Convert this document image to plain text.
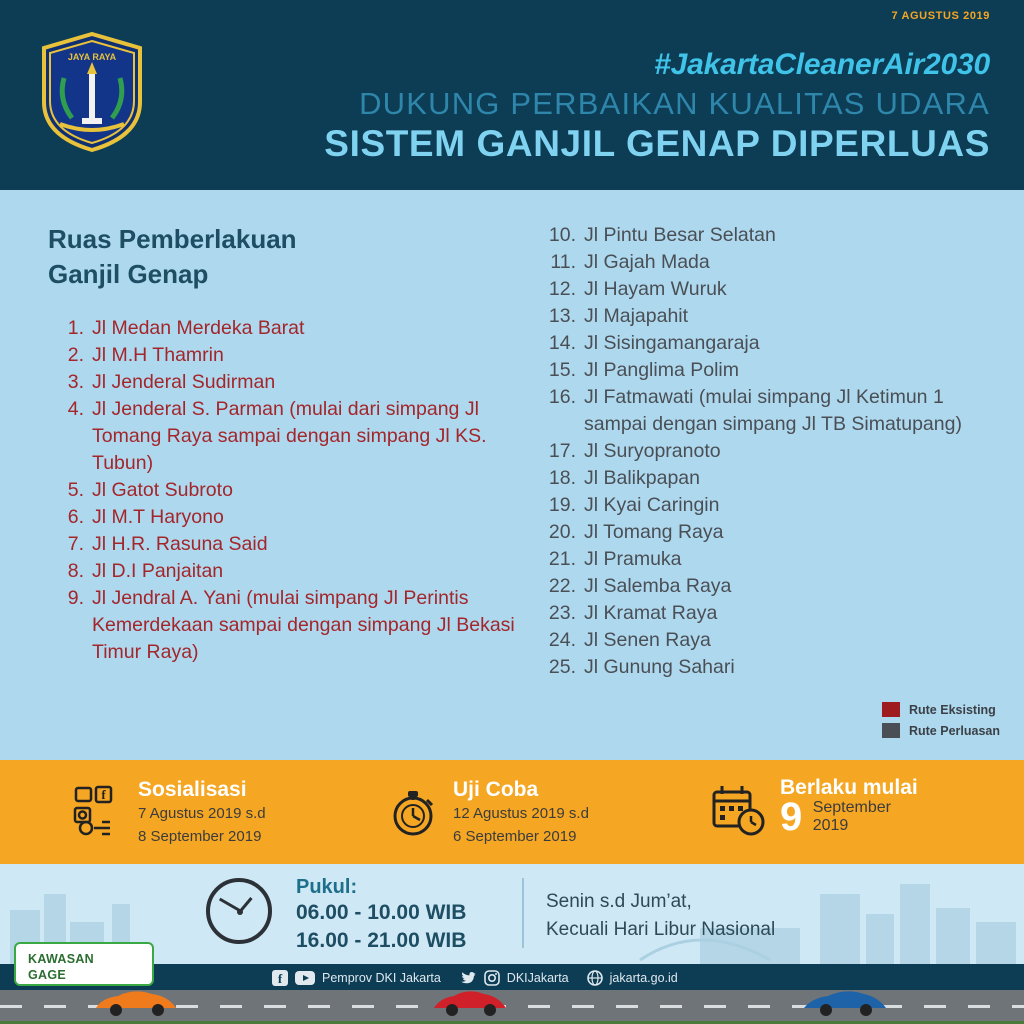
7 AGUSTUS 2019
JAYA RAYA	#JakartaCleanerAir2030
DUKUNG PERBAIKAN KUALITAS UDARA
SISTEM GANJIL GENAP DIPERLUAS
Ruas Pemberlakuan
Ganjil Genap
1. Jl Medan Merdeka Barat
2. Jl M.H Thamrin
3. Jl Jenderal Sudirman
4. Jl Jenderal S. Parman (mulai dari simpang Jl Tomang Raya sampai dengan simpang Jl KS. Tubun)
5. Jl Gatot Subroto
6. Jl M.T Haryono
7. Jl H.R. Rasuna Said
8. Jl D.I Panjaitan
9. Jl Jendral A. Yani (mulai simpang Jl Perintis Kemerdekaan sampai dengan simpang Jl Bekasi Timur Raya)
10. Jl Pintu Besar Selatan
11. Jl Gajah Mada
12. Jl Hayam Wuruk
13. Jl Majapahit
14. Jl Sisingamangaraja
15. Jl Panglima Polim
16. Jl Fatmawati (mulai simpang Jl Ketimun 1 sampai dengan simpang Jl TB Simatupang)
17. Jl Suryopranoto
18. Jl Balikpapan
19. Jl Kyai Caringin
20. Jl Tomang Raya
21. Jl Pramuka
22. Jl Salemba Raya
23. Jl Kramat Raya
24. Jl Senen Raya
25. Jl Gunung Sahari
Rute Eksisting
Rute Perluasan
f Sosialisasi
7 Agustus 2019 s.d
8 September 2019
Uji Coba
12 Agustus 2019 s.d
6 September 2019
Berlaku mulai
9 September
2019
Pukul:
06.00 - 10.00 WIB
16.00 - 21.00 WIB
Senin s.d Jum’at,
Kecuali Hari Libur Nasional
KAWASAN
GAGE	f	Pemprov DKI Jakarta	DKIJakarta	jakarta.go.id
